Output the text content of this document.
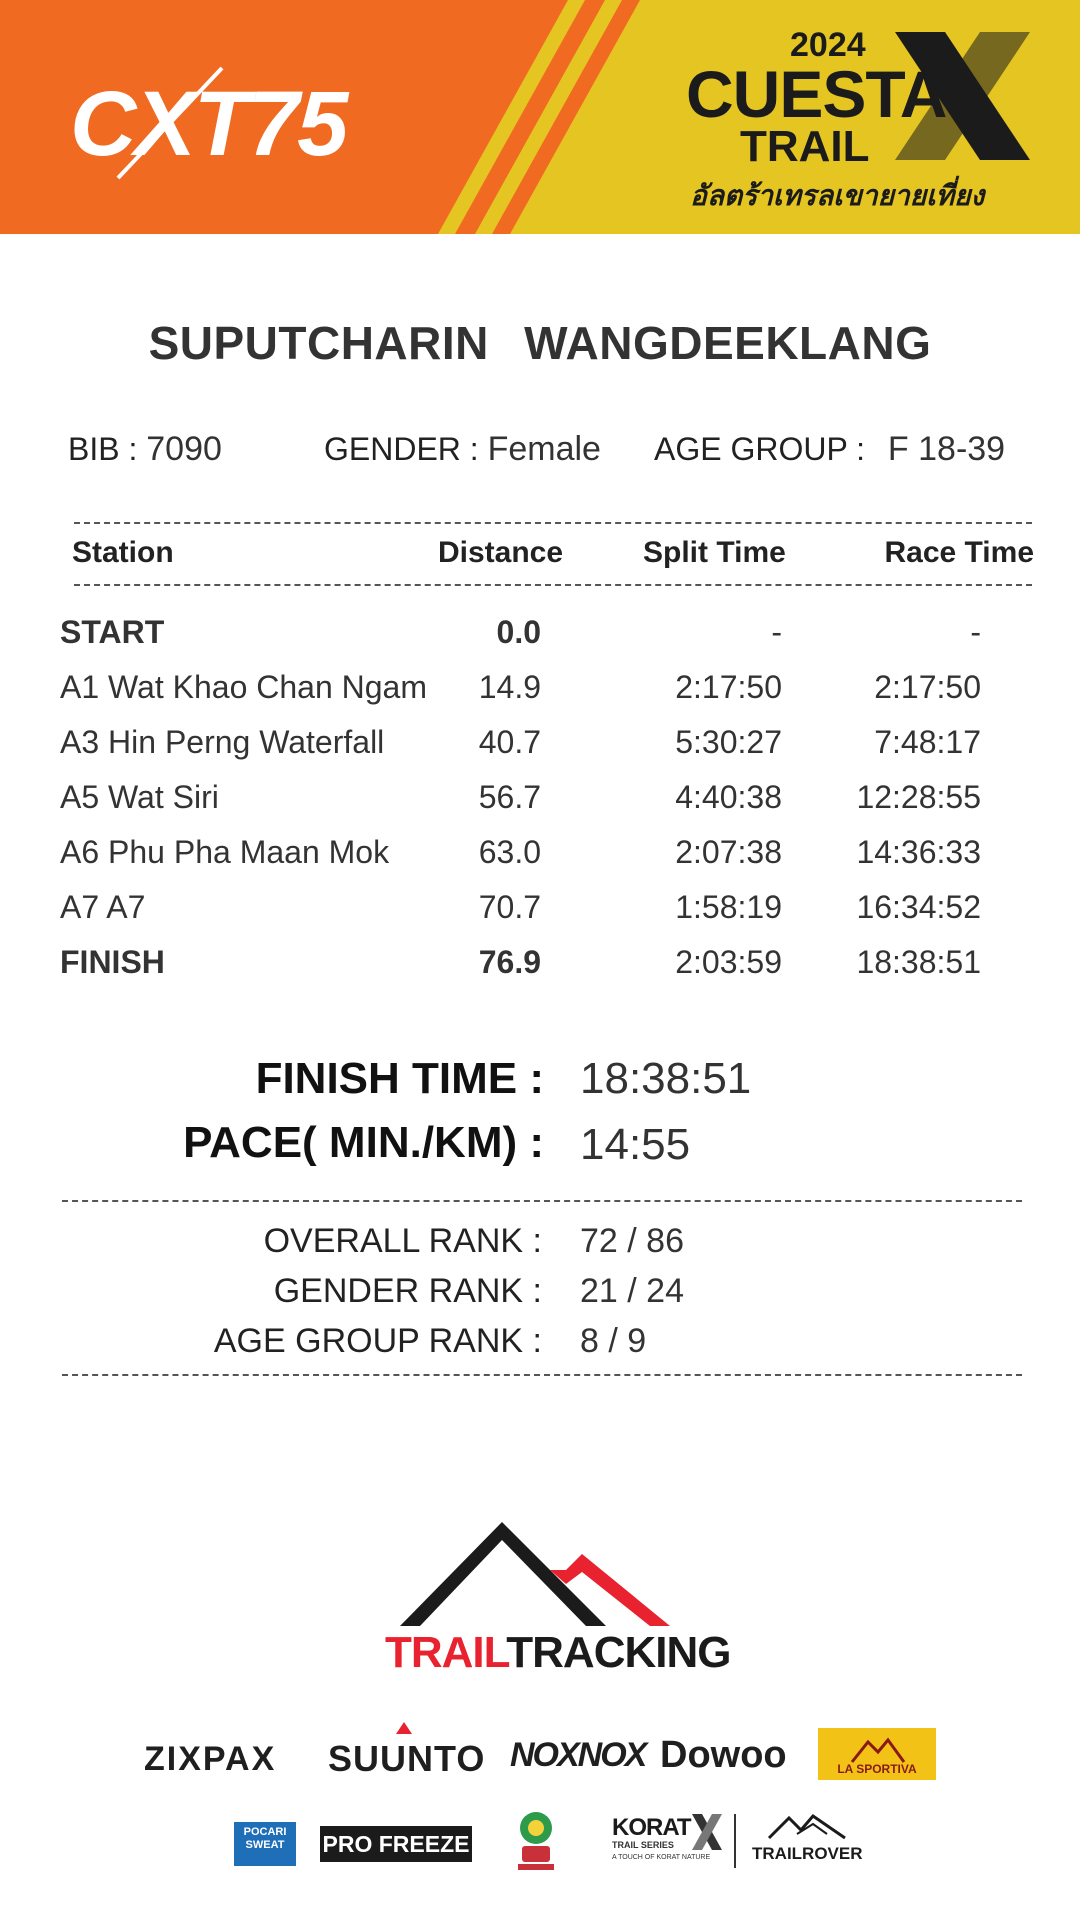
CXT75
2024
CUESTA
TRAIL
อัลตร้าเทรลเขายายเที่ยง
SUPUTCHARIN WANGDEEKLANG
BIB : 7090	GENDER : Female AGE GROUP : F 18-39
Station	Distance	Split Time	Race Time
START	0.0	-	-
A1 Wat Khao Chan Ngam 14.9	2:17:50	2:17:50
A3 Hin Perng Waterfall	40.7	5:30:27	7:48:17
A5 Wat Siri	56.7	4:40:38 12:28:55
A6 Phu Pha Maan Mok	63.0	2:07:38 14:36:33
A7 A7	70.7	1:58:19 16:34:52
FINISH	76.9	2:03:59 18:38:51
FINISH TIME : 18:38:51
PACE( MIN./KM) : 14:55
OVERALL RANK : 72 / 86
GENDER RANK : 21 / 24
AGE GROUP RANK : 8 / 9
TRAILTRACKING
ZIXPAX SUUNTO NOXNOX Dowoo	LA SPORTIVA
POCARI SWEAT	PRO FREEZE
KORAT
TRAIL SERIES
A TOUCH OF KORAT NATURE TRAILROVER
